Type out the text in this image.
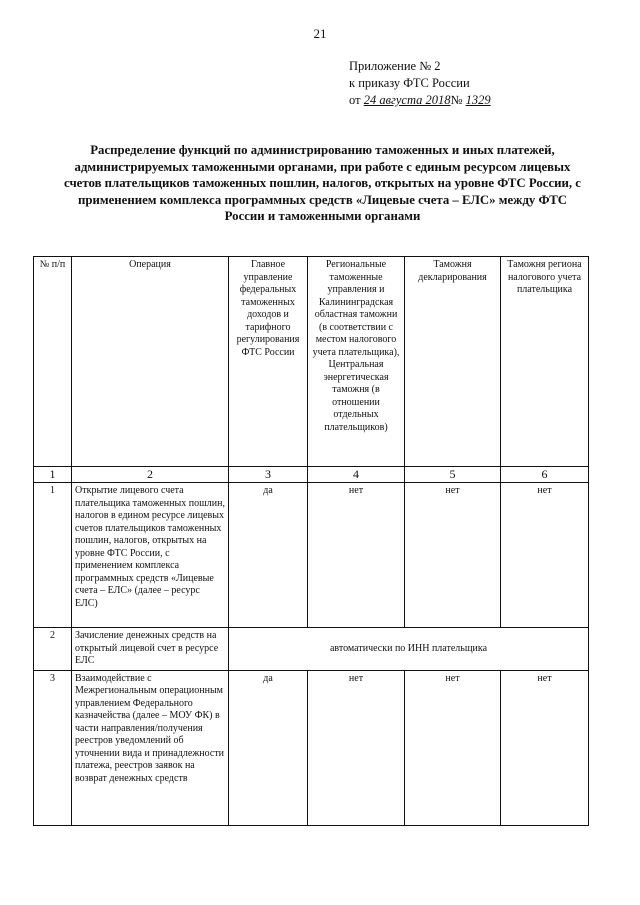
21
Приложение № 2
к приказу ФТС России
от 24 августа 2018№ 1329
Распределение функций по администрированию таможенных и иных платежей, администрируемых таможенными органами, при работе с единым ресурсом лицевых счетов плательщиков таможенных пошлин, налогов, открытых на уровне ФТС России, с применением комплекса программных средств «Лицевые счета – ЕЛС» между ФТС России и таможенными органами
№ п/п	Операция	Главное управление федеральных таможенных доходов и тарифного регулирования ФТС России	Региональные таможенные управления и Калининградская областная таможни (в соответствии с местом налогового учета плательщика), Центральная энергетическая таможня (в отношении отдельных плательщиков)	Таможня декларирования	Таможня региона налогового учета плательщика
1	2	3	4	5	6
1	Открытие лицевого счета плательщика таможенных пошлин, налогов в едином ресурсе лицевых счетов плательщиков таможенных пошлин, налогов, открытых на уровне ФТС России, с применением комплекса программных средств «Лицевые счета – ЕЛС» (далее – ресурс ЕЛС)	да	нет	нет	нет
2	Зачисление денежных средств на открытый лицевой счет в ресурсе ЕЛС	автоматически по ИНН плательщика			
3	Взаимодействие с Межрегиональным операционным управлением Федерального казначейства (далее – МОУ ФК) в части направления/получения реестров уведомлений об уточнении вида и принадлежности платежа, реестров заявок на возврат денежных средств	да	нет	нет	нет
